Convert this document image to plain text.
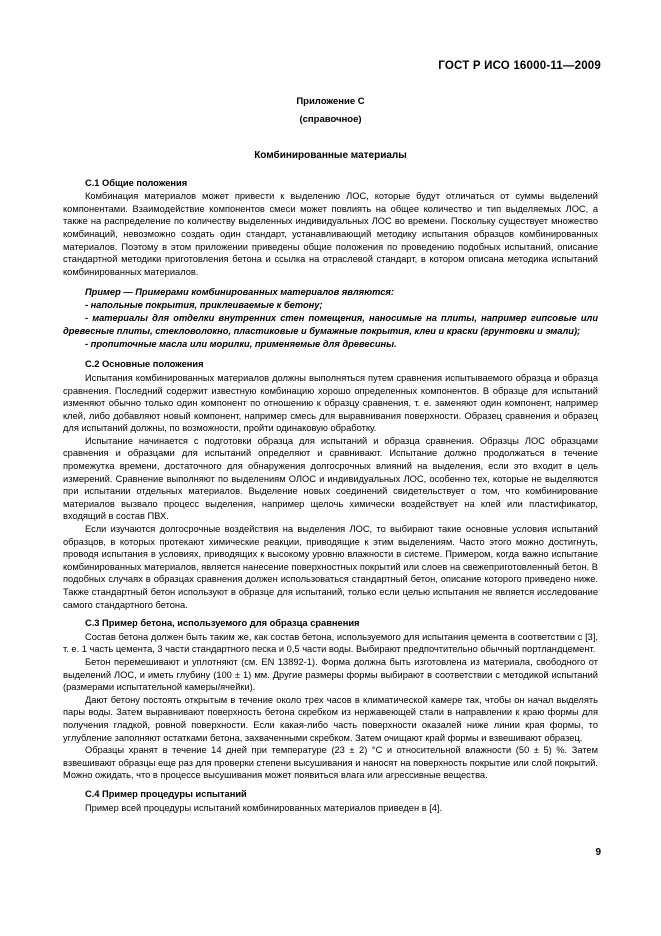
ГОСТ Р ИСО 16000-11—2009
Приложение С
(справочное)
Комбинированные материалы
С.1 Общие положения

Комбинация материалов может привести к выделению ЛОС, которые будут отличаться от суммы выделений компонентами. Взаимодействие компонентов смеси может повлиять на общее количество и тип выделяемых ЛОС, а также на распределение по количеству выделенных индивидуальных ЛОС во времени. Поскольку существует множество комбинаций, невозможно создать один стандарт, устанавливающий методику испытания образцов комбинированных материалов. Поэтому в этом приложении приведены общие положения по проведению подобных испытаний, описание стандартной методики приготовления бетона и ссылка на отраслевой стандарт, в котором описана методика испытаний комбинированных материалов.

Пример — Примерами комбинированных материалов являются:
- напольные покрытия, приклеиваемые к бетону;
- материалы для отделки внутренних стен помещения, наносимые на плиты, например гипсовые или древесные плиты, стекловолокно, пластиковые и бумажные покрытия, клеи и краски (грунтовки и эмали);
- пропиточные масла или морилки, применяемые для древесины.
С.2 Основные положения

Испытания комбинированных материалов должны выполняться путем сравнения испытываемого образца и образца сравнения. Последний содержит известную комбинацию хорошо определенных компонентов. В образце для испытаний изменяют обычно только один компонент по отношению к образцу сравнения, т. е. заменяют один компонент, например клей, либо добавляют новый компонент, например смесь для выравнивания поверхности. Образец сравнения и образец для испытаний должны, по возможности, пройти одинаковую обработку.

Испытание начинается с подготовки образца для испытаний и образца сравнения. Образцы ЛОС образцами сравнения и образцами для испытаний определяют и сравнивают. Испытание должно продолжаться в течение промежутка времени, достаточного для обнаружения долгосрочных влияний на выделения, если это входит в цель измерений. Сравнение выполняют по выделениям ОЛОС и индивидуальных ЛОС, особенно тех, которые не выделяются при испытании отдельных материалов. Выделение новых соединений свидетельствует о том, что комбинирование материалов вызвало процесс выделения, например щелочь химически воздействует на клей или пластификатор, входящий в состав ПВХ.

Если изучаются долгосрочные воздействия на выделения ЛОС, то выбирают такие основные условия испытаний образцов, в которых протекают химические реакции, приводящие к этим выделениям. Часто этого можно достигнуть, проводя испытания в условиях, приводящих к высокому уровню влажности в системе. Примером, когда важно испытание комбинированных материалов, является нанесение поверхностных покрытий или слоев на свежеприготовленный бетон. В подобных случаях в образцах сравнения должен использоваться стандартный бетон, описание которого приведено ниже. Также стандартный бетон используют в образце для испытаний, только если целью испытания не является исследование самого стандартного бетона.

С.3 Пример бетона, используемого для образца сравнения

Состав бетона должен быть таким же, как состав бетона, используемого для испытания цемента в соответствии с [3], т. е. 1 часть цемента, 3 части стандартного песка и 0,5 части воды. Выбирают предпочтительно обычный портландцемент.

Бетон перемешивают и уплотняют (см. EN 13892-1). Форма должна быть изготовлена из материала, свободного от выделений ЛОС, и иметь глубину (100 ± 1) мм. Другие размеры формы выбирают в соответствии с методикой испытаний (размерами испытательной камеры/ячейки).

Дают бетону постоять открытым в течение около трех часов в климатической камере так, чтобы он начал выделять пары воды. Затем выравнивают поверхность бетона скребком из нержавеющей стали в направлении к краю формы для получения гладкой, ровной поверхности. Если какая-либо часть поверхности оказалей ниже линии края формы, то углубление заполняют остатками бетона, захваченными скребком. Затем очищают край формы и взвешивают образец.

Образцы хранят в течение 14 дней при температуре (23 ± 2) °С и относительной влажности (50 ± 5) %. Затем взвешивают образцы еще раз для проверки степени высушивания и наносят на поверхность покрытие или слой покрытий. Можно ожидать, что в процессе высушивания может появиться влага или агрессивные вещества.

С.4 Пример процедуры испытаний

Пример всей процедуры испытаний комбинированных материалов приведен в [4].

9
